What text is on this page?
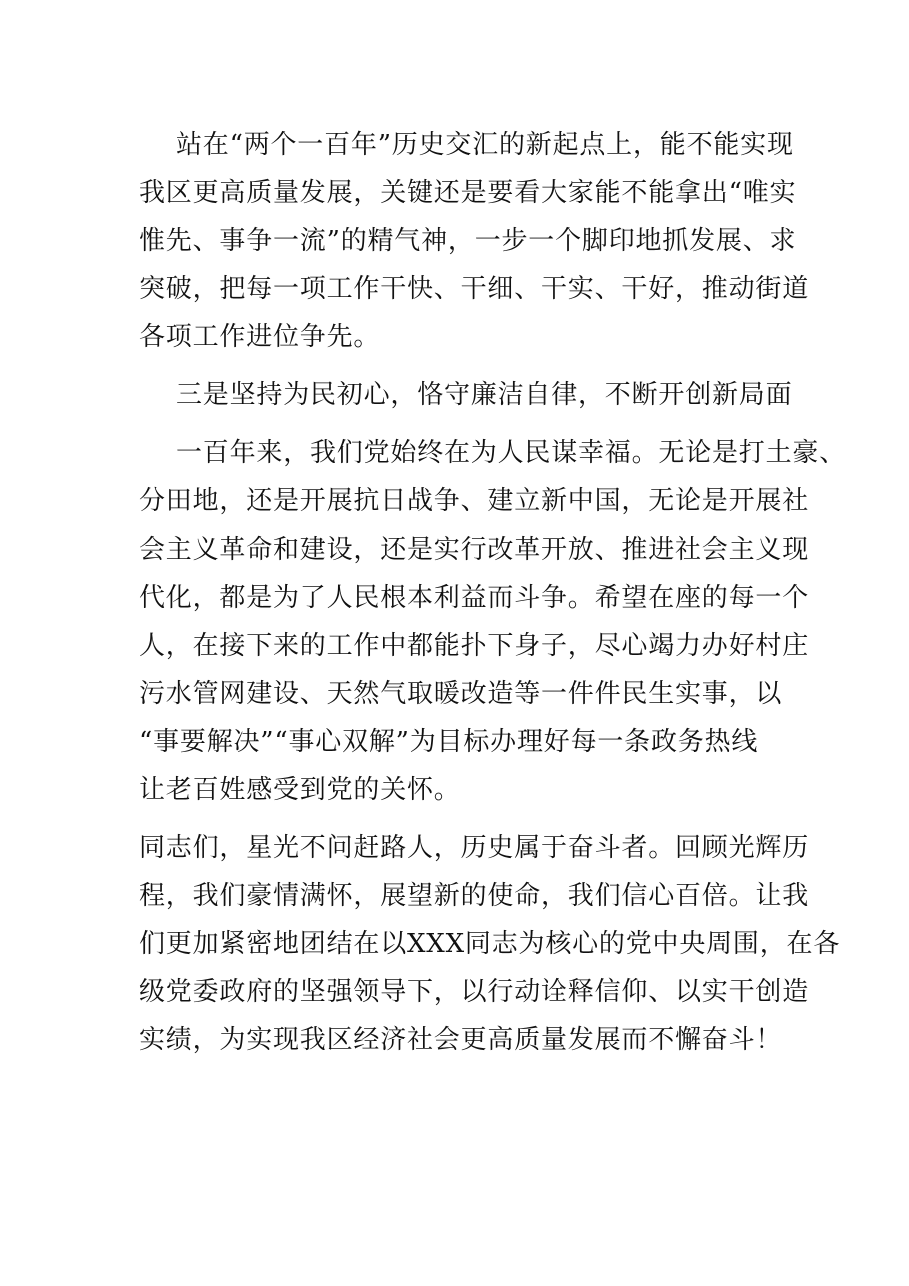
站在“两个一百年”历史交汇的新起点上，能不能实现
我区更高质量发展，关键还是要看大家能不能拿出“唯实
惟先、事争一流”的精气神，一步一个脚印地抓发展、求
突破，把每一项工作干快、干细、干实、干好，推动街道
各项工作进位争先。
三是坚持为民初心，恪守廉洁自律，不断开创新局面
一百年来，我们党始终在为人民谋幸福。无论是打土豪、
分田地，还是开展抗日战争、建立新中国，无论是开展社
会主义革命和建设，还是实行改革开放、推进社会主义现
代化，都是为了人民根本利益而斗争。希望在座的每一个
人，在接下来的工作中都能扑下身子，尽心竭力办好村庄
污水管网建设、天然气取暖改造等一件件民生实事，以
“事要解决”“事心双解”为目标办理好每一条政务热线
让老百姓感受到党的关怀。
同志们，星光不问赶路人，历史属于奋斗者。回顾光辉历
程，我们豪情满怀，展望新的使命，我们信心百倍。让我
们更加紧密地团结在以XXX同志为核心的党中央周围，在各
级党委政府的坚强领导下，以行动诠释信仰、以实干创造
实绩，为实现我区经济社会更高质量发展而不懈奋斗！
